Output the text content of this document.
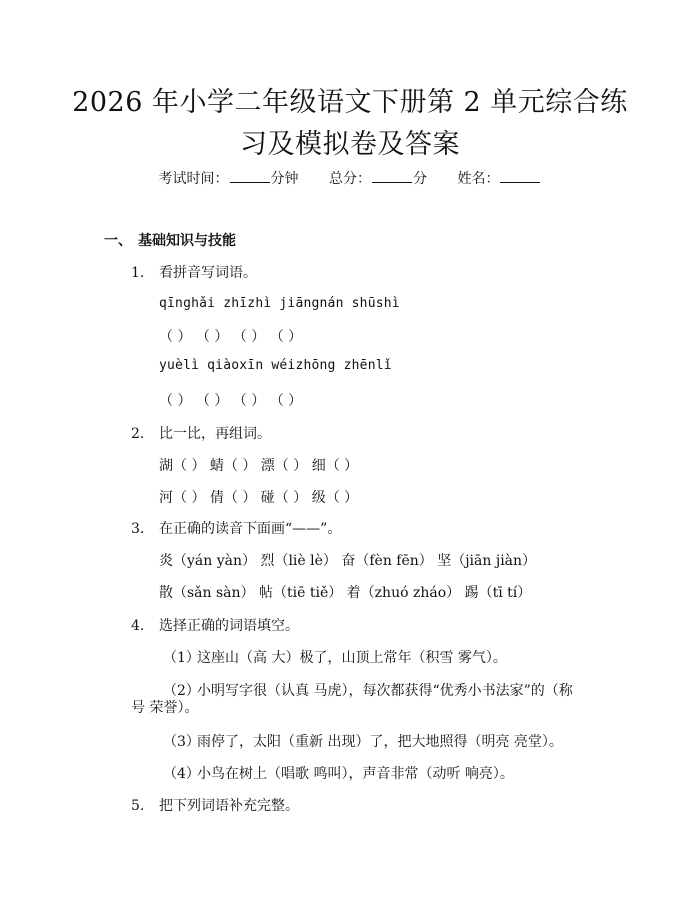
2026 年小学二年级语文下册第 2 单元综合练
习及模拟卷及答案
考试时间：	分钟 总分：	分 姓名：
一、 基础知识与技能
1. 看拼音写词语。
qīnghǎi zhīzhì jiāngnán shūshì
（ ） （ ） （ ） （ ）
yuèlì qiàoxīn wéizhōng zhēnlǐ
（ ） （ ） （ ） （ ）
2. 比一比，再组词。
湖（ ） 蜻（ ） 漂（ ） 细（ ）
河（ ） 倩（ ） 碰（ ） 级（ ）
3. 在正确的读音下面画“——”。
炎（yán yàn） 烈（liè lè） 奋（fèn fēn） 坚（jiān jiàn）
散（sǎn sàn） 帖（tiē tiě） 着（zhuó zháo） 踢（tī tí）
4. 选择正确的词语填空。
（1）这座山（高 大）极了，山顶上常年（积雪 雾气）。
（2）小明写字很（认真 马虎），每次都获得“优秀小书法家”的（称
号 荣誉）。
（3）雨停了，太阳（重新 出现）了，把大地照得（明亮 亮堂）。
（4）小鸟在树上（唱歌 鸣叫），声音非常（动听 响亮）。
5. 把下列词语补充完整。
